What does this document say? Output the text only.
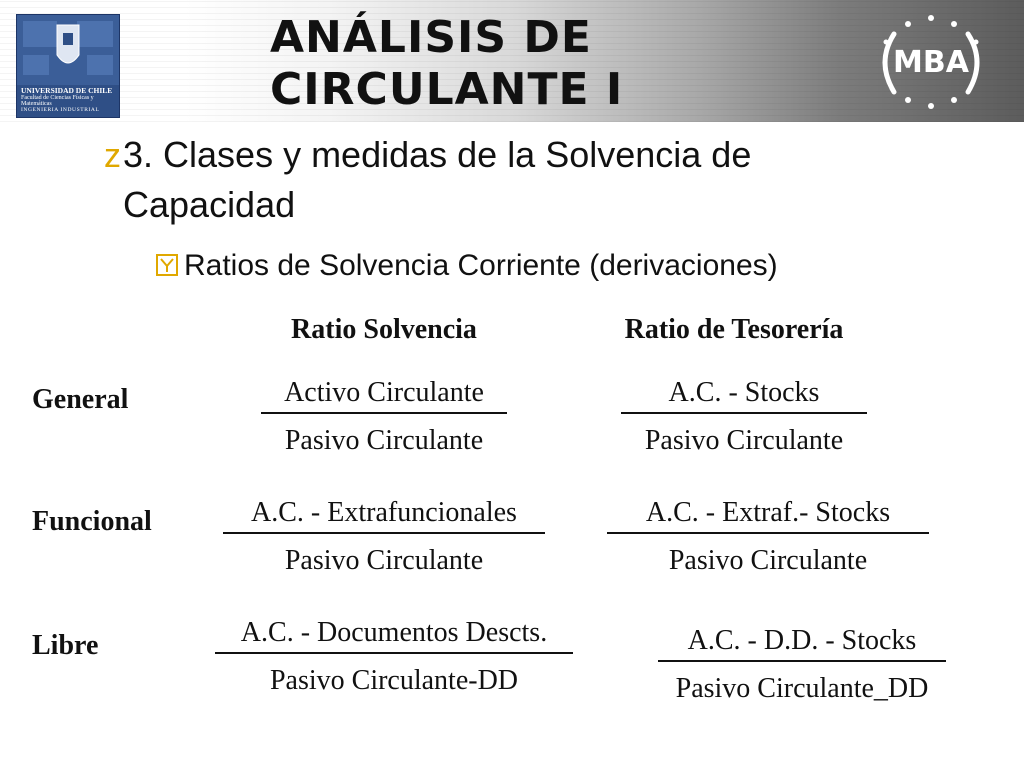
UNIVERSIDAD DE CHILE
Facultad de Ciencias Físicas y Matemáticas
INGENIERIA INDUSTRIAL
ANÁLISIS DE CIRCULANTE I
MBA
z3. Clases y medidas de la Solvencia de Capacidad
Ratios de Solvencia Corriente (derivaciones)
Ratio Solvencia	Ratio de Tesorería
General
Funcional
Libre
Activo Circulante
Pasivo Circulante
A.C. - Stocks
Pasivo Circulante
A.C. - Extrafuncionales
Pasivo Circulante
A.C. - Extraf.- Stocks
Pasivo Circulante
A.C. - Documentos Descts.
Pasivo Circulante-DD
A.C. - D.D. - Stocks
Pasivo Circulante_DD
